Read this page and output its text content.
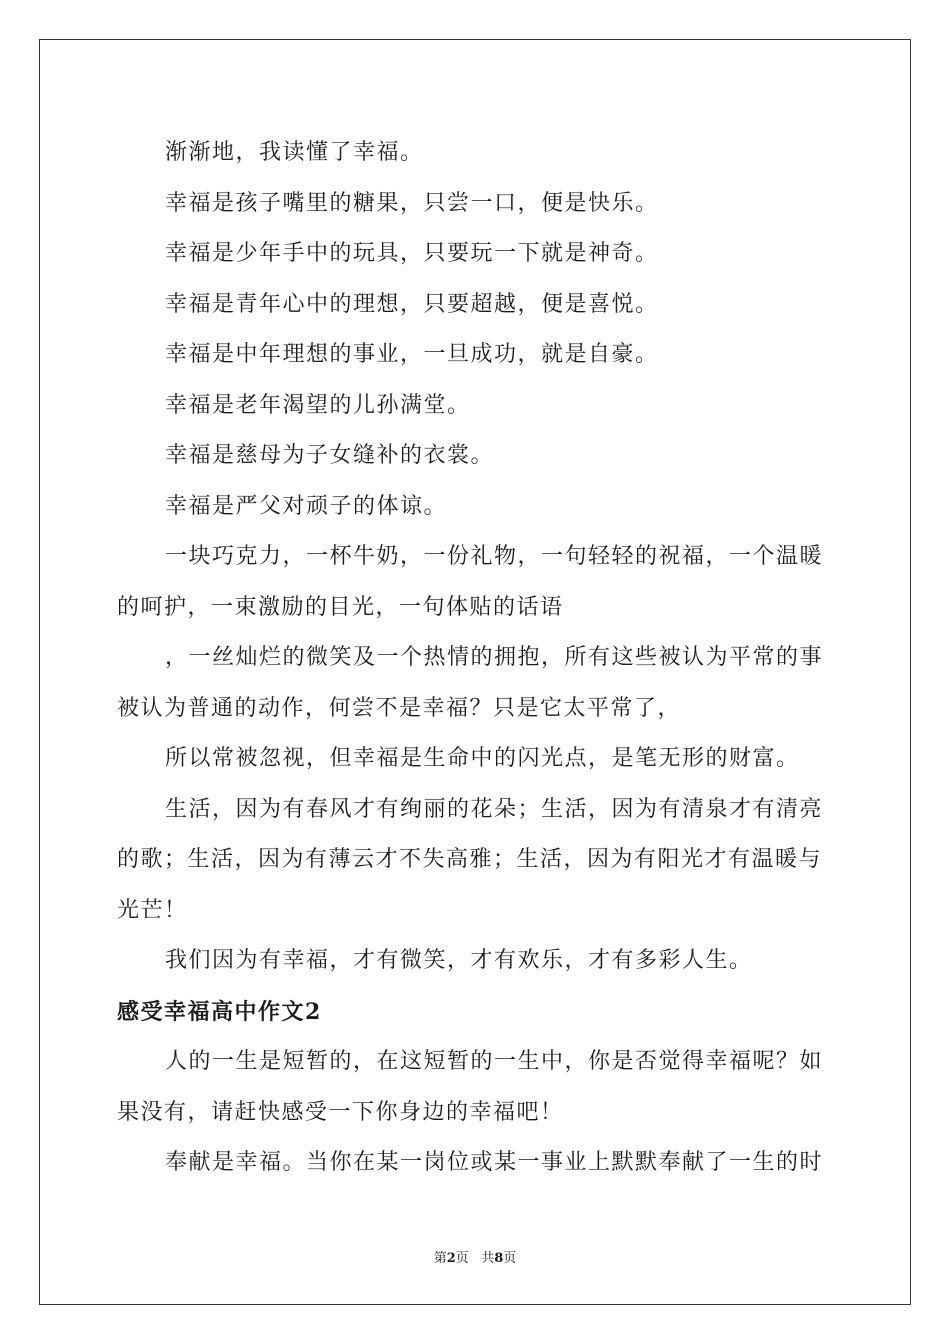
渐渐地，我读懂了幸福。

幸福是孩子嘴里的糖果，只尝一口，便是快乐。

幸福是少年手中的玩具，只要玩一下就是神奇。

幸福是青年心中的理想，只要超越，便是喜悦。

幸福是中年理想的事业，一旦成功，就是自豪。

幸福是老年渴望的儿孙满堂。

幸福是慈母为子女缝补的衣裳。

幸福是严父对顽子的体谅。

一块巧克力，一杯牛奶，一份礼物，一句轻轻的祝福，一个温暖的呵护，一束激励的目光，一句体贴的话语

，一丝灿烂的微笑及一个热情的拥抱，所有这些被认为平常的事被认为普通的动作，何尝不是幸福？只是它太平常了，

所以常被忽视，但幸福是生命中的闪光点，是笔无形的财富。

生活，因为有春风才有绚丽的花朵；生活，因为有清泉才有清亮的歌；生活，因为有薄云才不失高雅；生活，因为有阳光才有温暖与光芒！

我们因为有幸福，才有微笑，才有欢乐，才有多彩人生。

感受幸福高中作文2

人的一生是短暂的，在这短暂的一生中，你是否觉得幸福呢？如果没有，请赶快感受一下你身边的幸福吧！

奉献是幸福。当你在某一岗位或某一事业上默默奉献了一生的时

第2页 共8页
